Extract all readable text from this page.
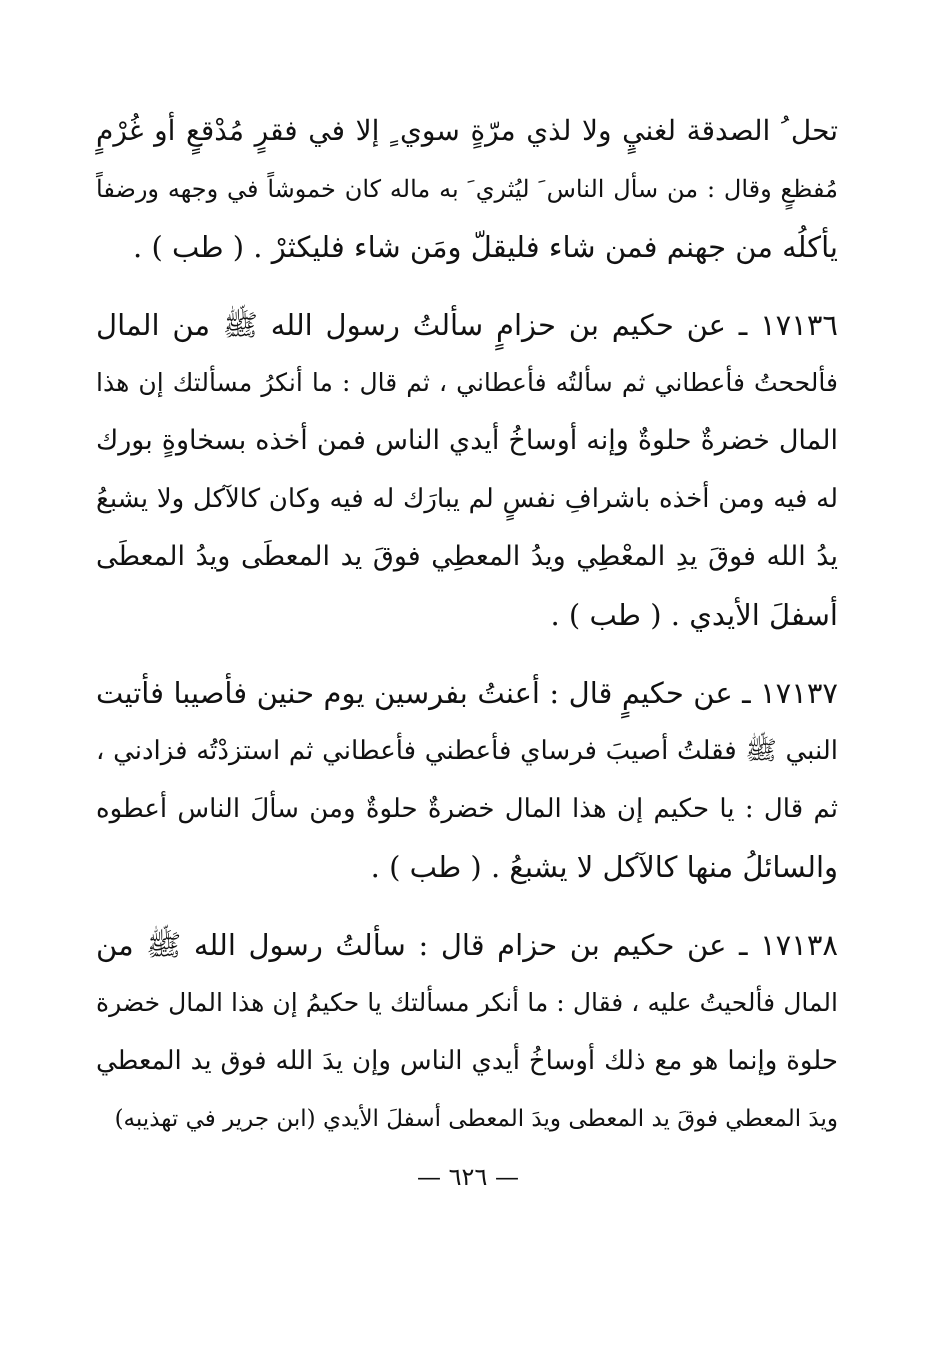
تحل ُ الصدقة لغنيٍ ولا لذي مرّةٍ سوي ٍ إلا في فقرٍ مُدْقعٍ أو غُرْمٍ
مُفظعٍ وقال : من سأل الناس َ ليُثري َ به ماله كان خموشاً في وجهه ورضفاً
يأكلُه من جهنم فمن شاء فليقلّ ومَن شاء فليكثرْ . ( طب ) .

١٧١٣٦ ـ عن حكيم بن حزامٍ سألتُ رسول الله ﷺ من المال
فألححتُ فأعطاني ثم سألتُه فأعطاني ، ثم قال : ما أنكرُ مسألتك إن هذا
المال خضرةٌ حلوةٌ وإنه أوساخُ أيدي الناس فمن أخذه بسخاوةٍ بورك
له فيه ومن أخذه باشرافِ نفسٍ لم يبارَك له فيه وكان كالآكل ولا يشبعُ
يدُ الله فوقَ يدِ المعْطِي ويدُ المعطِي فوقَ يد المعطَى ويدُ المعطَى
أسفلَ الأيدي . ( طب ) .

١٧١٣٧ ـ عن حكيمٍ قال : أعنتُ بفرسين يوم حنين فأصيبا فأتيت
النبي ﷺ فقلتُ أصيبَ فرساي فأعطني فأعطاني ثم استزدْتُه فزادني ،
ثم قال : يا حكيم إن هذا المال خضرةٌ حلوةٌ ومن سألَ الناس أعطوه
والسائلُ منها كالآكل لا يشبعُ . ( طب ) .

١٧١٣٨ ـ عن حكيم بن حزام قال : سألتُ رسول الله ﷺ من
المال فألحيتُ عليه ، فقال : ما أنكر مسألتك يا حكيمُ إن هذا المال خضرة
حلوة وإنما هو مع ذلك أوساخُ أيدي الناس وإن يدَ الله فوق يد المعطي
ويدَ المعطي فوقَ يد المعطى ويدَ المعطى أسفلَ الأيدي (ابن جرير في تهذيبه)

— ٦٢٦ —
